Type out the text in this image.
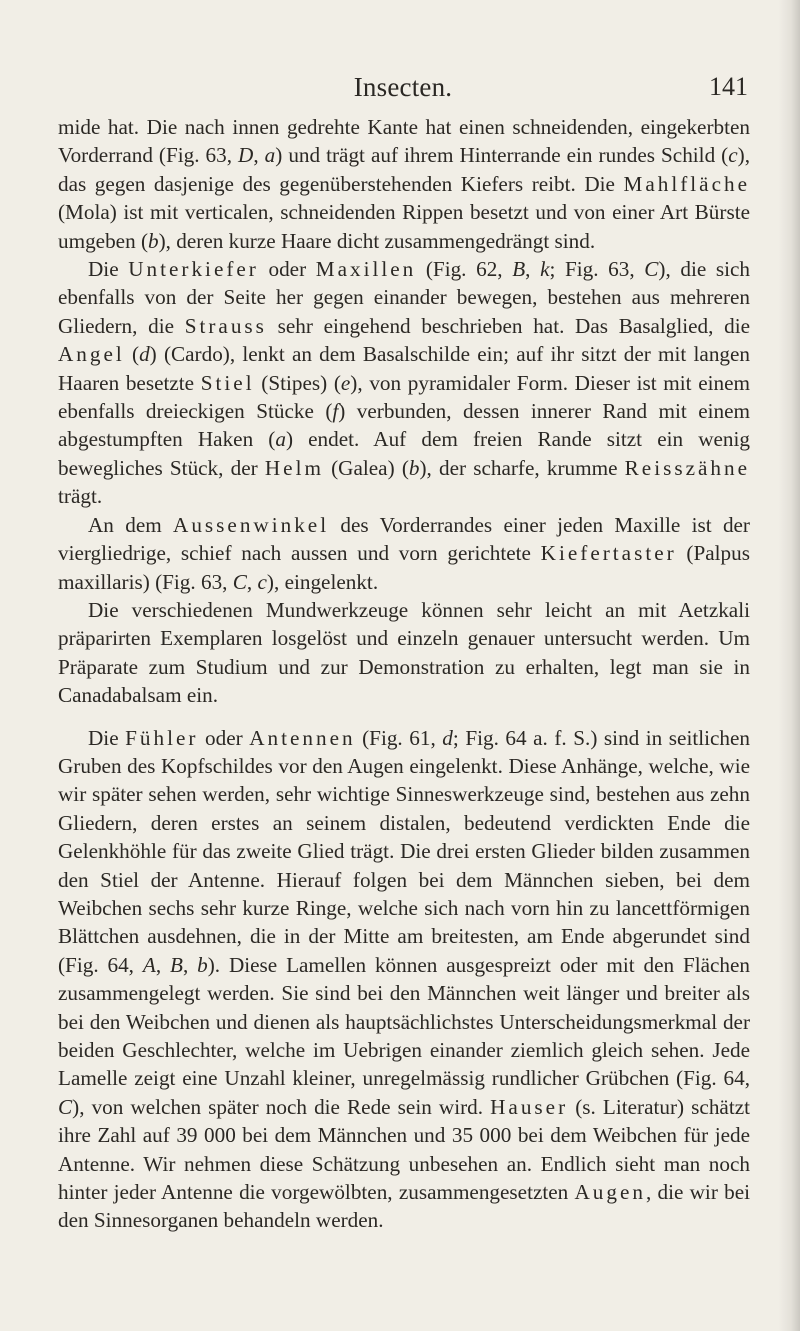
Insecten.	141

mide hat. Die nach innen gedrehte Kante hat einen schneidenden, eingekerbten Vorderrand (Fig. 63, D, a) und trägt auf ihrem Hinterrande ein rundes Schild (c), das gegen dasjenige des gegenüberstehenden Kiefers reibt. Die Mahlfläche (Mola) ist mit verticalen, schneidenden Rippen besetzt und von einer Art Bürste umgeben (b), deren kurze Haare dicht zusammengedrängt sind.

Die Unterkiefer oder Maxillen (Fig. 62, B, k; Fig. 63, C), die sich ebenfalls von der Seite her gegen einander bewegen, bestehen aus mehreren Gliedern, die Strauss sehr eingehend beschrieben hat. Das Basalglied, die Angel (d) (Cardo), lenkt an dem Basalschilde ein; auf ihr sitzt der mit langen Haaren besetzte Stiel (Stipes) (e), von pyramidaler Form. Dieser ist mit einem ebenfalls dreieckigen Stücke (f) verbunden, dessen innerer Rand mit einem abgestumpften Haken (a) endet. Auf dem freien Rande sitzt ein wenig bewegliches Stück, der Helm (Galea) (b), der scharfe, krumme Reisszähne trägt.

An dem Aussenwinkel des Vorderrandes einer jeden Maxille ist der viergliedrige, schief nach aussen und vorn gerichtete Kiefertaster (Palpus maxillaris) (Fig. 63, C, c), eingelenkt.

Die verschiedenen Mundwerkzeuge können sehr leicht an mit Aetzkali präparirten Exemplaren losgelöst und einzeln genauer untersucht werden. Um Präparate zum Studium und zur Demonstration zu erhalten, legt man sie in Canadabalsam ein.

Die Fühler oder Antennen (Fig. 61, d; Fig. 64 a. f. S.) sind in seitlichen Gruben des Kopfschildes vor den Augen eingelenkt. Diese Anhänge, welche, wie wir später sehen werden, sehr wichtige Sinneswerkzeuge sind, bestehen aus zehn Gliedern, deren erstes an seinem distalen, bedeutend verdickten Ende die Gelenkhöhle für das zweite Glied trägt. Die drei ersten Glieder bilden zusammen den Stiel der Antenne. Hierauf folgen bei dem Männchen sieben, bei dem Weibchen sechs sehr kurze Ringe, welche sich nach vorn hin zu lancettförmigen Blättchen ausdehnen, die in der Mitte am breitesten, am Ende abgerundet sind (Fig. 64, A, B, b). Diese Lamellen können ausgespreizt oder mit den Flächen zusammengelegt werden. Sie sind bei den Männchen weit länger und breiter als bei den Weibchen und dienen als hauptsächlichstes Unterscheidungsmerkmal der beiden Geschlechter, welche im Uebrigen einander ziemlich gleich sehen. Jede Lamelle zeigt eine Unzahl kleiner, unregelmässig rundlicher Grübchen (Fig. 64, C), von welchen später noch die Rede sein wird. Hauser (s. Literatur) schätzt ihre Zahl auf 39 000 bei dem Männchen und 35 000 bei dem Weibchen für jede Antenne. Wir nehmen diese Schätzung unbesehen an. Endlich sieht man noch hinter jeder Antenne die vorgewölbten, zusammengesetzten Augen, die wir bei den Sinnesorganen behandeln werden.
